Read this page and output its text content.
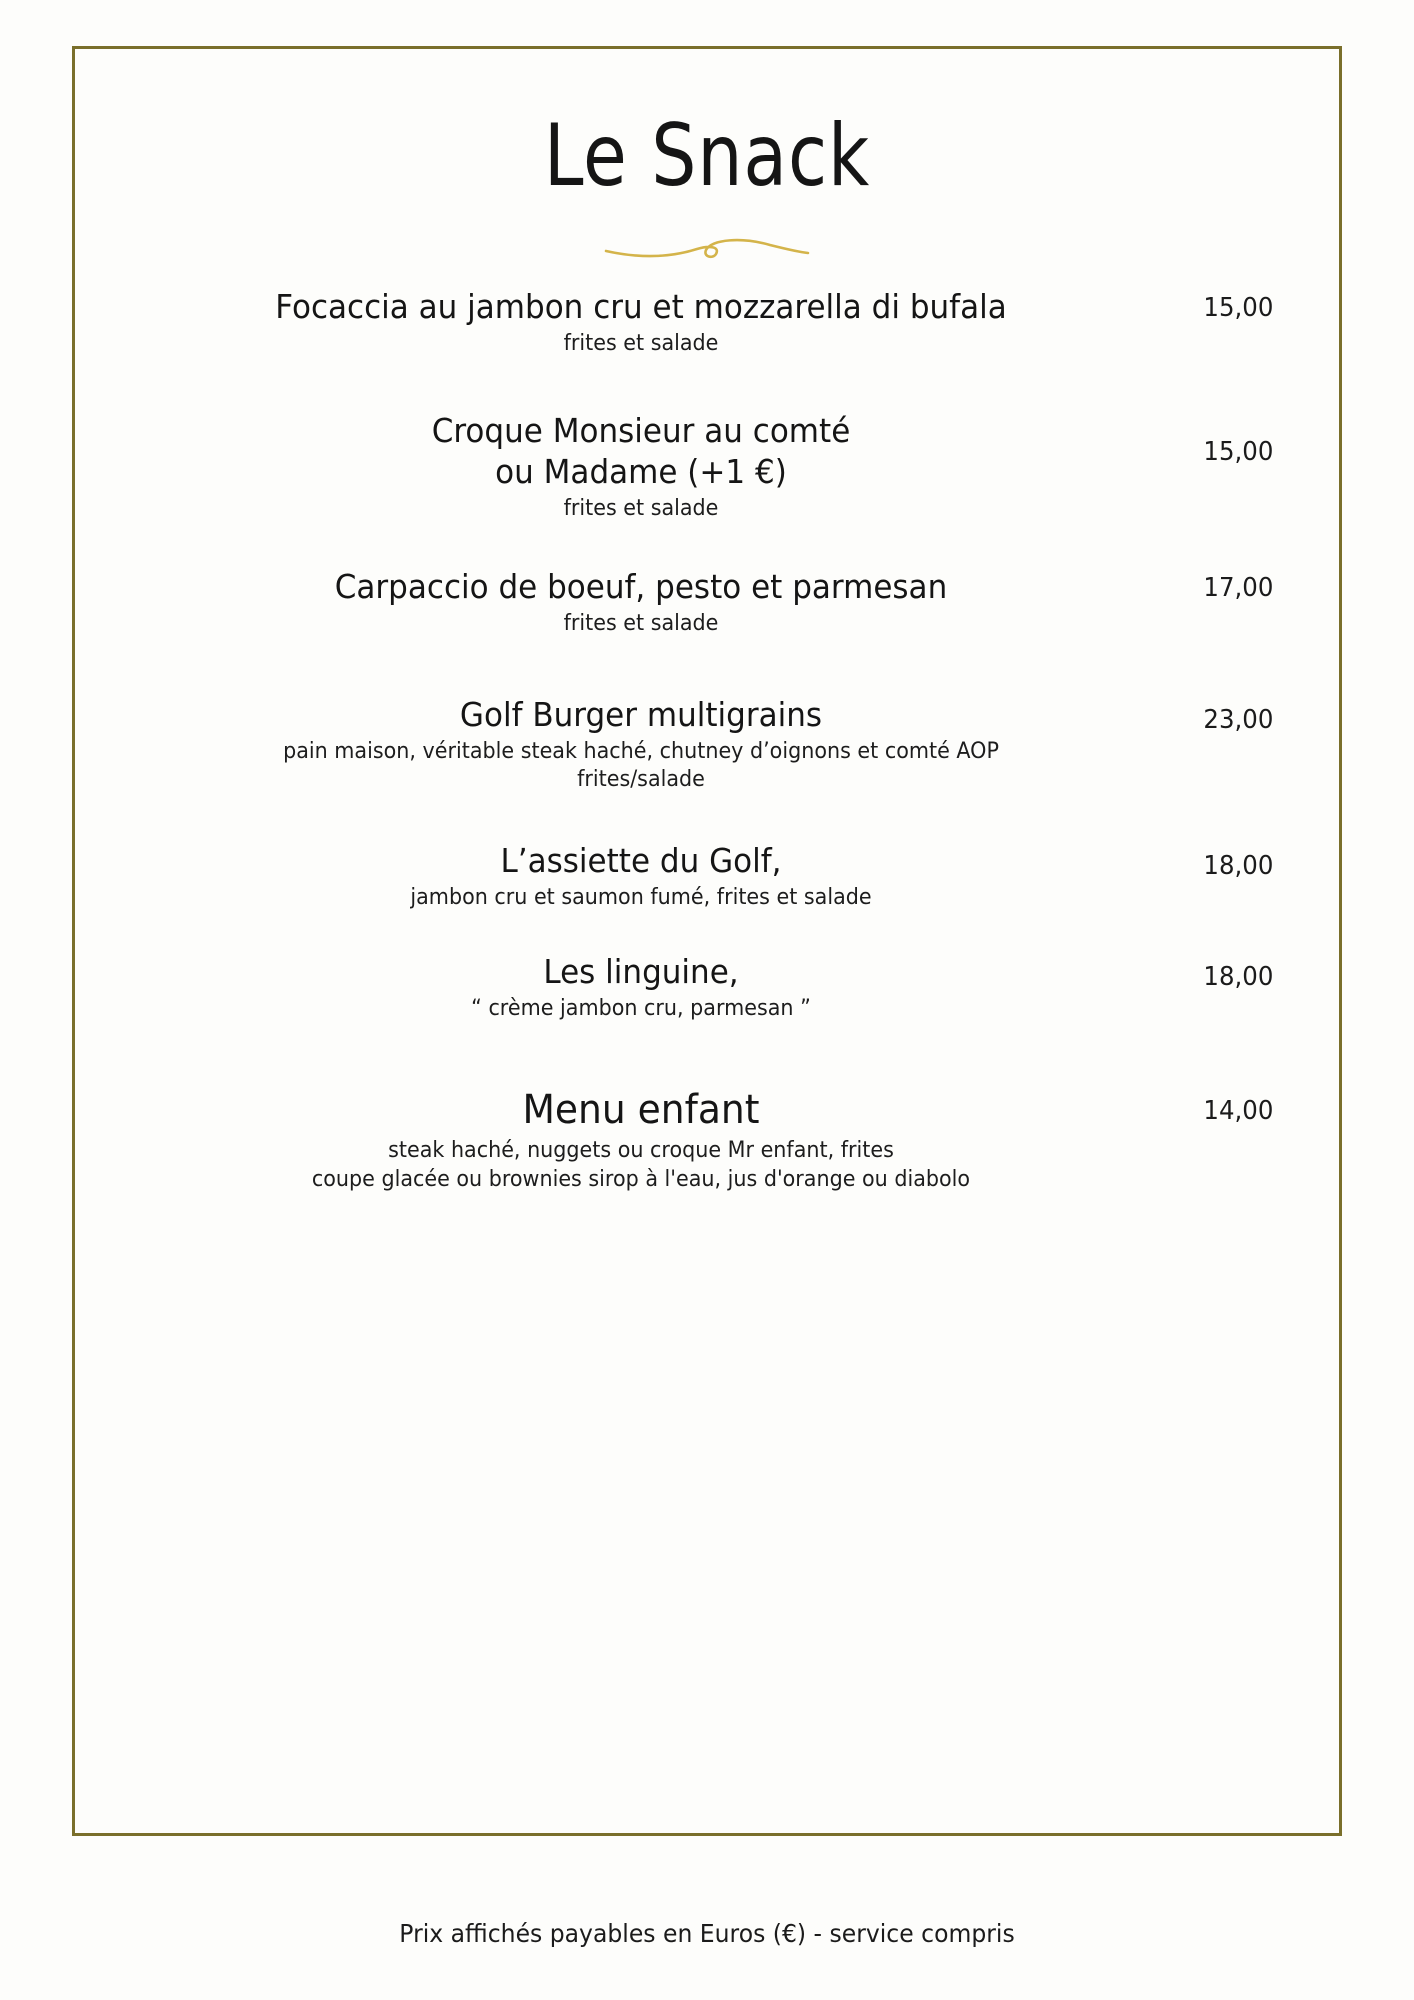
Le Snack
Focaccia au jambon cru et mozzarella di bufala
frites et salade
15,00
Croque Monsieur au comté
ou Madame (+1 €)
frites et salade
15,00
Carpaccio de boeuf, pesto et parmesan
frites et salade
17,00
Golf Burger multigrains
pain maison, véritable steak haché, chutney d’oignons et comté AOP
frites/salade
23,00
L’assiette du Golf,
jambon cru et saumon fumé, frites et salade
18,00
Les linguine,
“ crème jambon cru, parmesan ”
18,00
Menu enfant
steak haché, nuggets ou croque Mr enfant, frites
coupe glacée ou brownies sirop à l'eau, jus d'orange ou diabolo
14,00
Prix affichés payables en Euros (€) - service compris
